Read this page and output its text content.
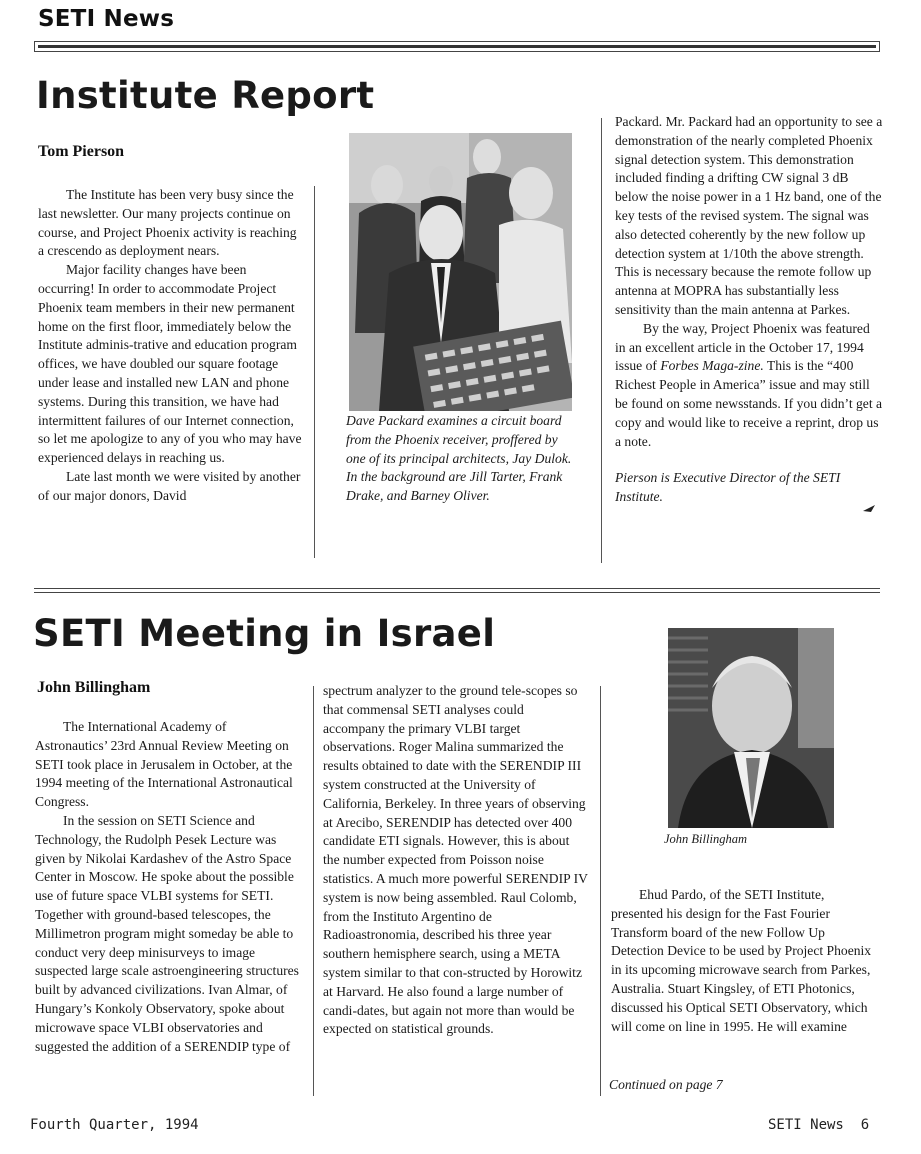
SETI News
Institute Report
Tom Pierson

The Institute has been very busy since the last newsletter. Our many projects continue on course, and Project Phoenix activity is reaching a crescendo as deployment nears.

Major facility changes have been occurring! In order to accommodate Project Phoenix team members in their new permanent home on the first floor, immediately below the Institute adminis-trative and education program offices, we have doubled our square footage under lease and installed new LAN and phone systems. During this transition, we have had intermittent failures of our Internet connection, so let me apologize to any of you who may have experienced delays in reaching us.

Late last month we were visited by another of our major donors, David

Dave Packard examines a circuit board from the Phoenix receiver, proffered by one of its principal architects, Jay Dulok. In the background are Jill Tarter, Frank Drake, and Barney Oliver.

Packard. Mr. Packard had an opportunity to see a demonstration of the nearly completed Phoenix signal detection system. This demonstration included finding a drifting CW signal 3 dB below the noise power in a 1 Hz band, one of the key tests of the revised system. The signal was also detected coherently by the new follow up detection system at 1/10th the above strength. This is necessary because the remote follow up antenna at MOPRA has substantially less sensitivity than the main antenna at Parkes.

By the way, Project Phoenix was featured in an excellent article in the October 17, 1994 issue of Forbes Maga-zine. This is the “400 Richest People in America” issue and may still be found on some newsstands. If you didn’t get a copy and would like to receive a reprint, drop us a note.

Pierson is Executive Director of the SETI Institute.

SETI Meeting in Israel
John Billingham

The International Academy of Astronautics’ 23rd Annual Review Meeting on SETI took place in Jerusalem in October, at the 1994 meeting of the International Astronautical Congress.

In the session on SETI Science and Technology, the Rudolph Pesek Lecture was given by Nikolai Kardashev of the Astro Space Center in Moscow. He spoke about the possible use of future space VLBI systems for SETI. Together with ground-based telescopes, the Millimetron program might someday be able to conduct very deep minisurveys to image suspected large scale astroengineering structures built by advanced civilizations. Ivan Almar, of Hungary’s Konkoly Observatory, spoke about microwave space VLBI observatories and suggested the addition of a SERENDIP type of

spectrum analyzer to the ground tele-scopes so that commensal SETI analyses could accompany the primary VLBI target observations. Roger Malina summarized the results obtained to date with the SERENDIP III system constructed at the University of California, Berkeley. In three years of observing at Arecibo, SERENDIP has detected over 400 candidate ETI signals. However, this is about the number expected from Poisson noise statistics. A much more powerful SERENDIP IV system is now being assembled. Raul Colomb, from the Instituto Argentino de Radioastronomia, described his three year southern hemisphere search, using a META system similar to that con-structed by Horowitz at Harvard. He also found a large number of candi-dates, but again not more than would be expected on statistical grounds.

John Billingham

Ehud Pardo, of the SETI Institute, presented his design for the Fast Fourier Transform board of the new Follow Up Detection Device to be used by Project Phoenix in its upcoming microwave search from Parkes, Australia. Stuart Kingsley, of ETI Photonics, discussed his Optical SETI Observatory, which will come on line in 1995. He will examine

Continued on page 7
Fourth Quarter, 1994	SETI News  6
